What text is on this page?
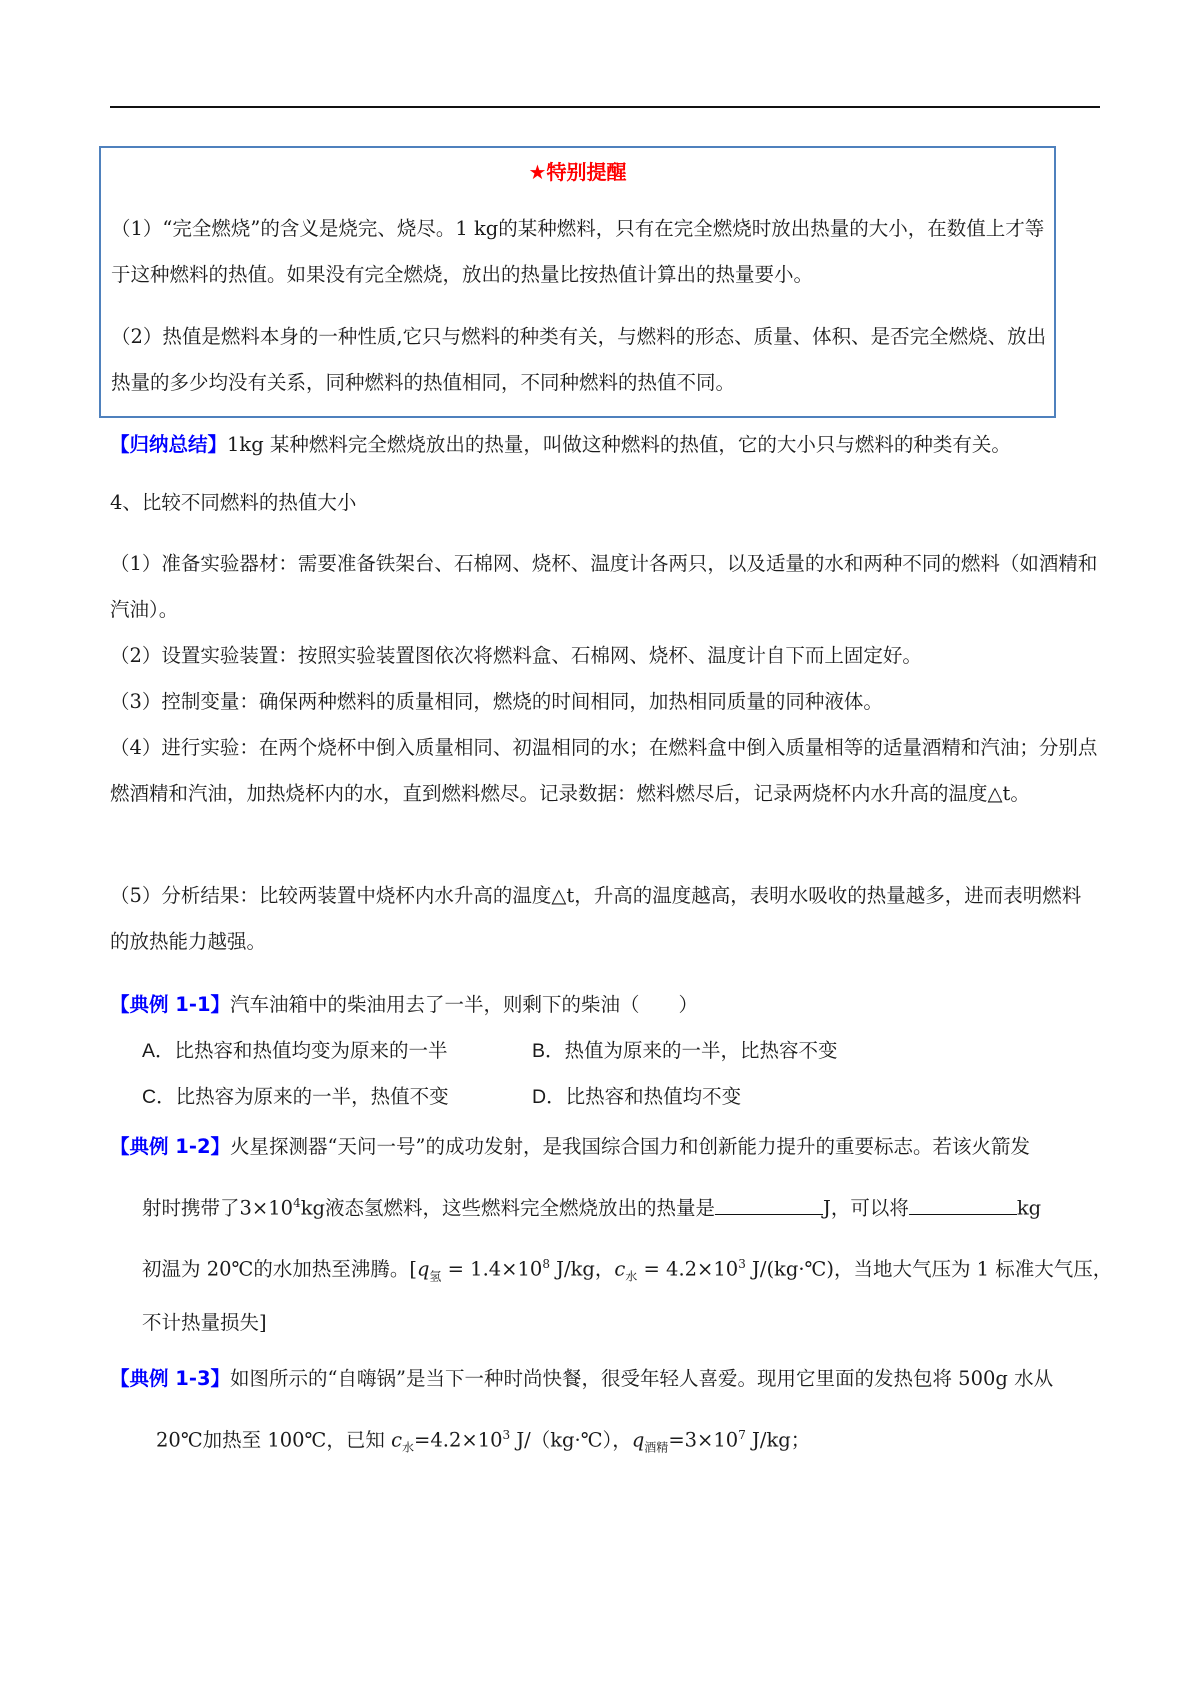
★特别提醒
（1）“完全燃烧”的含义是烧完、烧尽。1 kg的某种燃料，只有在完全燃烧时放出热量的大小，在数值上才等于这种燃料的热值。如果没有完全燃烧，放出的热量比按热值计算出的热量要小。
（2）热值是燃料本身的一种性质,它只与燃料的种类有关，与燃料的形态、质量、体积、是否完全燃烧、放出热量的多少均没有关系，同种燃料的热值相同，不同种燃料的热值不同。
【归纳总结】1kg 某种燃料完全燃烧放出的热量，叫做这种燃料的热值，它的大小只与燃料的种类有关。
4、比较不同燃料的热值大小
（1）准备实验器材：需要准备铁架台、石棉网、烧杯、温度计各两只，以及适量的水和两种不同的燃料（如酒精和汽油）。
（2）设置实验装置：按照实验装置图依次将燃料盒、石棉网、烧杯、温度计自下而上固定好。
（3）控制变量：确保两种燃料的质量相同，燃烧的时间相同，加热相同质量的同种液体。
（4）进行实验：在两个烧杯中倒入质量相同、初温相同的水；在燃料盒中倒入质量相等的适量酒精和汽油；分别点燃酒精和汽油，加热烧杯内的水，直到燃料燃尽。记录数据：燃料燃尽后，记录两烧杯内水升高的温度△t。
（5）分析结果：比较两装置中烧杯内水升高的温度△t，升高的温度越高，表明水吸收的热量越多，进而表明燃料的放热能力越强。
【典例 1-1】汽车油箱中的柴油用去了一半，则剩下的柴油（　　）
A．比热容和热值均变为原来的一半	B．热值为原来的一半，比热容不变
C．比热容为原来的一半，热值不变	D．比热容和热值均不变
【典例 1-2】火星探测器“天问一号”的成功发射，是我国综合国力和创新能力提升的重要标志。若该火箭发
射时携带了$3\times 10^4kg$液态氢燃料，这些燃料完全燃烧放出的热量是	J，可以将	kg
初温为 20℃的水加热至沸腾。[$q_氢 = 1.4\times 10^8$ J/kg，$c_水 = 4.2\times 10^3$ J/(kg·℃)，当地大气压为 1 标准大气压，
不计热量损失]
【典例 1-3】如图所示的“自嗨锅”是当下一种时尚快餐，很受年轻人喜爱。现用它里面的发热包将 500g 水从
20℃加热至 100℃，已知 $c_水=4.2\times 10^3$ J/（kg·℃），$q_{酒精}=3\times 10^7$ J/kg；
